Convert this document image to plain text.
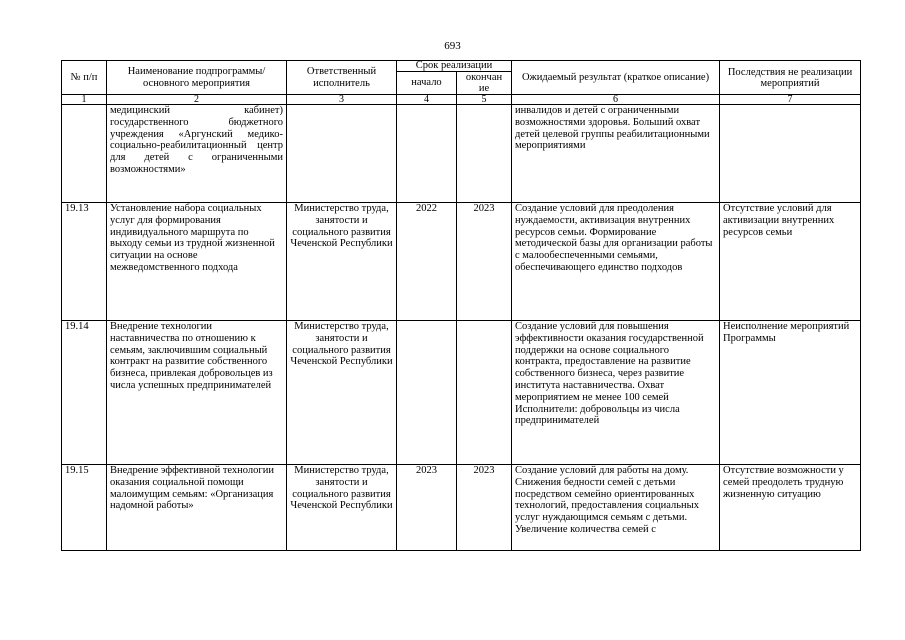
693
№ п/п	Наименование подпрограммы/ основного мероприятия	Ответственный исполнитель	Срок реализации		Ожидаемый результат (краткое описание)	Последствия не реализации мероприятий
			начало	окончан ие		
1	2	3	4	5	6	7
	медицинский кабинет) государственного бюджетного учреждения «Аргунский медико-социально-реабилитационный центр для детей с ограниченными возможностями»				инвалидов и детей с ограниченными возможностями здоровья. Больший охват детей целевой группы реабилитационными мероприятиями	
19.13	Установление набора социальных услуг для формирования индивидуального маршрута по выходу семьи из трудной жизненной ситуации на основе межведомственного подхода	Министерство труда, занятости и социального развития Чеченской Республики	2022	2023	Создание условий для преодоления нуждаемости, активизация внутренних ресурсов семьи. Формирование методической базы для организации работы с малообеспеченными семьями, обеспечивающего единство подходов	Отсутствие условий для активизации внутренних ресурсов семьи
19.14	Внедрение технологии наставничества по отношению к семьям, заключившим социальный контракт на развитие собственного бизнеса, привлекая добровольцев из числа успешных предпринимателей	Министерство труда, занятости и социального развития Чеченской Республики			Создание условий для повышения эффективности оказания государственной поддержки на основе социального контракта, предоставление на развитие собственного бизнеса, через развитие института наставничества. Охват мероприятием не менее 100 семей Исполнители: добровольцы из числа предпринимателей	Неисполнение мероприятий Программы
19.15	Внедрение эффективной технологии оказания социальной помощи малоимущим семьям: «Организация надомной работы»	Министерство труда, занятости и социального развития Чеченской Республики	2023	2023	Создание условий для работы на дому. Снижения бедности семей с детьми посредством семейно ориентированных технологий, предоставления социальных услуг нуждающимся семьям с детьми. Увеличение количества семей с	Отсутствие возможности у семей преодолеть трудную жизненную ситуацию
